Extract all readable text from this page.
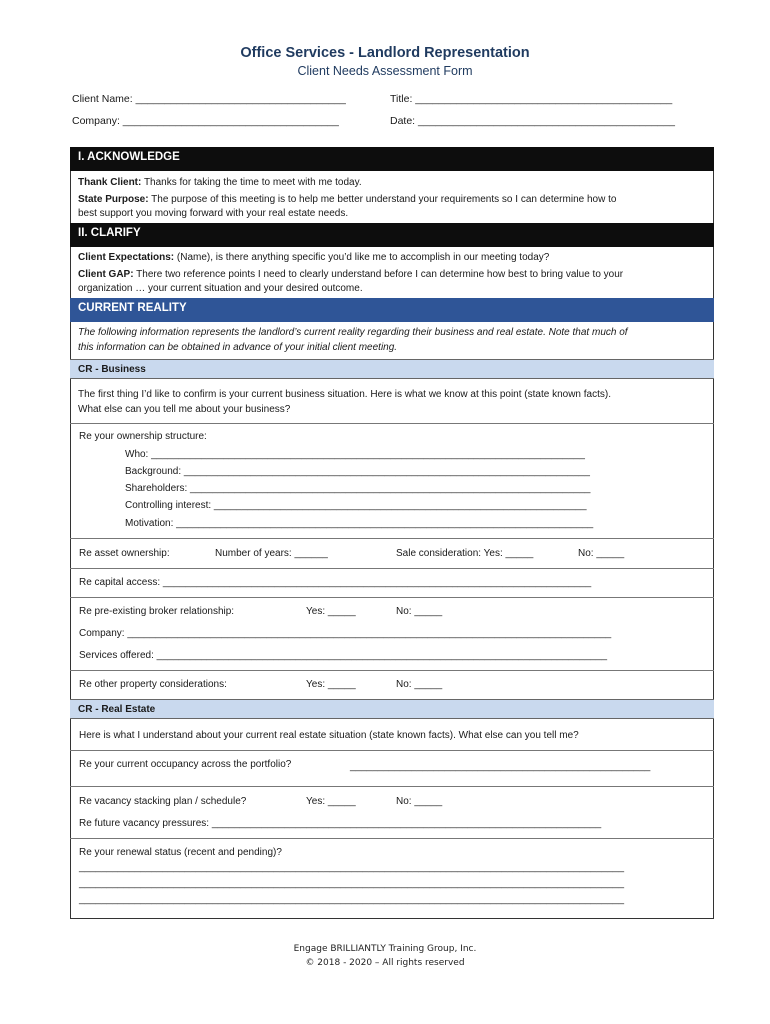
Office Services - Landlord Representation
Client Needs Assessment Form
Client Name: ____________________________________	Title: ____________________________________________
Company: _____________________________________	Date: ____________________________________________
I. ACKNOWLEDGE
Thank Client: Thanks for taking the time to meet with me today.
State Purpose: The purpose of this meeting is to help me better understand your requirements so I can determine how to
best support you moving forward with your real estate needs.
II. CLARIFY
Client Expectations: (Name), is there anything specific you’d like me to accomplish in our meeting today?
Client GAP: There two reference points I need to clearly understand before I can determine how best to bring value to your
organization … your current situation and your desired outcome.
CURRENT REALITY
The following information represents the landlord’s current reality regarding their business and real estate. Note that much of
this information can be obtained in advance of your initial client meeting.
CR - Business
The first thing I’d like to confirm is your current business situation. Here is what we know at this point (state known facts).
What else can you tell me about your business?
Re your ownership structure:
Who: ______________________________________________________________________________
Background: _________________________________________________________________________
Shareholders: ________________________________________________________________________
Controlling interest: ___________________________________________________________________
Motivation: ___________________________________________________________________________
Re asset ownership:	Number of years: ______	Sale consideration: Yes: _____	No: _____
Re capital access: _____________________________________________________________________________
Re pre-existing broker relationship:	Yes: _____	No: _____
Company: _______________________________________________________________________________________
Services offered: _________________________________________________________________________________
Re other property considerations:	Yes: _____	No: _____
CR - Real Estate
Here is what I understand about your current real estate situation (state known facts). What else can you tell me?
Re your current occupancy across the portfolio?	______________________________________________________
Re vacancy stacking plan / schedule?	Yes: _____	No: _____
Re future vacancy pressures: ______________________________________________________________________
Re your renewal status (recent and pending)?
__________________________________________________________________________________________________
__________________________________________________________________________________________________
__________________________________________________________________________________________________
Engage BRILLIANTLY Training Group, Inc.
© 2018 - 2020 – All rights reserved
